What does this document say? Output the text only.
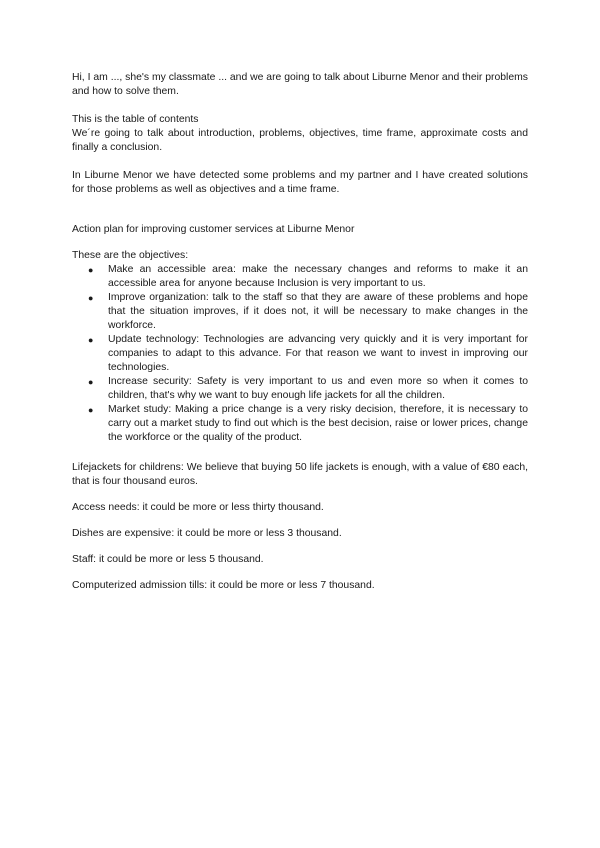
Hi, I am ..., she's my classmate ... and we are going to talk about Liburne Menor and their problems and how to solve them.

This is the table of contents

We´re going to talk about introduction, problems, objectives, time frame, approximate costs and finally a conclusion.

In Liburne Menor we have detected some problems and my partner and I have created solutions for those problems as well as objectives and a time frame.

Action plan for improving customer services at Liburne Menor

These are the objectives:

● Make an accessible area: make the necessary changes and reforms to make it an accessible area for anyone because Inclusion is very important to us.
● Improve organization: talk to the staff so that they are aware of these problems and hope that the situation improves, if it does not, it will be necessary to make changes in the workforce.
● Update technology: Technologies are advancing very quickly and it is very important for companies to adapt to this advance. For that reason we want to invest in improving our technologies.
● Increase security: Safety is very important to us and even more so when it comes to children, that's why we want to buy enough life jackets for all the children.
● Market study: Making a price change is a very risky decision, therefore, it is necessary to carry out a market study to find out which is the best decision, raise or lower prices, change the workforce or the quality of the product.

Lifejackets for childrens: We believe that buying 50 life jackets is enough, with a value of €80 each, that is four thousand euros.

Access needs: it could be more or less thirty thousand.

Dishes are expensive: it could be more or less 3 thousand.

Staff: it could be more or less 5 thousand.

Computerized admission tills: it could be more or less 7 thousand.
